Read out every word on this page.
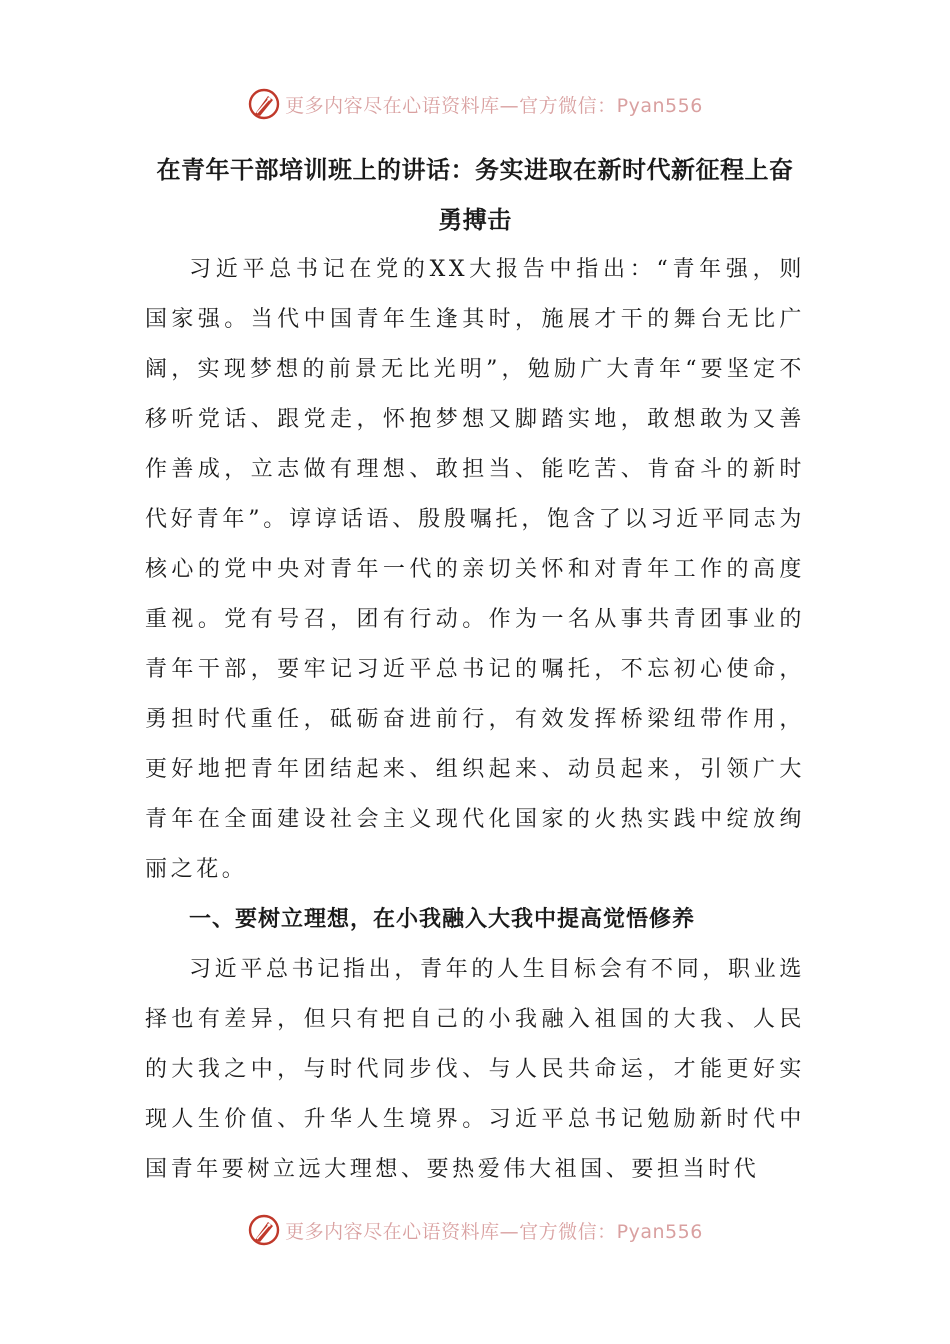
更多内容尽在心语资料库—官方微信：Pyan556
在青年干部培训班上的讲话：务实进取在新时代新征程上奋勇搏击

习近平总书记在党的XX大报告中指出：“青年强，则国家强。当代中国青年生逢其时，施展才干的舞台无比广阔，实现梦想的前景无比光明”，勉励广大青年“要坚定不移听党话、跟党走，怀抱梦想又脚踏实地，敢想敢为又善作善成，立志做有理想、敢担当、能吃苦、肯奋斗的新时代好青年”。谆谆话语、殷殷嘱托，饱含了以习近平同志为核心的党中央对青年一代的亲切关怀和对青年工作的高度重视。党有号召，团有行动。作为一名从事共青团事业的青年干部，要牢记习近平总书记的嘱托，不忘初心使命，勇担时代重任，砥砺奋进前行，有效发挥桥梁纽带作用，更好地把青年团结起来、组织起来、动员起来，引领广大青年在全面建设社会主义现代化国家的火热实践中绽放绚丽之花。

一、要树立理想，在小我融入大我中提高觉悟修养

习近平总书记指出，青年的人生目标会有不同，职业选择也有差异，但只有把自己的小我融入祖国的大我、人民的大我之中，与时代同步伐、与人民共命运，才能更好实现人生价值、升华人生境界。习近平总书记勉励新时代中国青年要树立远大理想、要热爱伟大祖国、要担当时代

更多内容尽在心语资料库—官方微信：Pyan556
